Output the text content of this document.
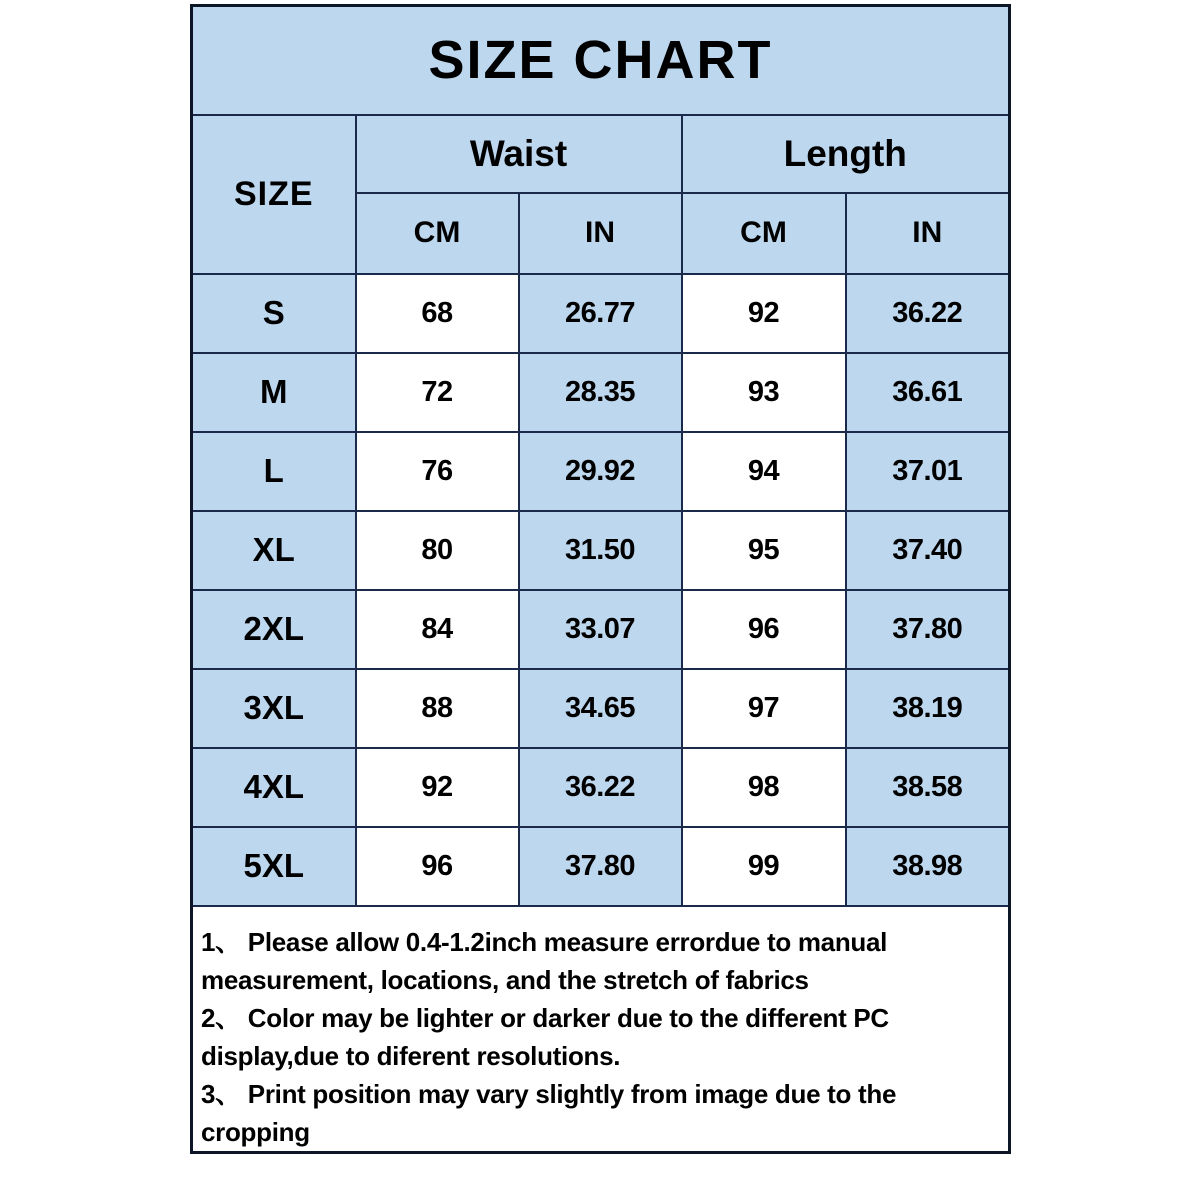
SIZE CHART				
SIZE	Waist		Length	
	CM	IN	CM	IN
S	68	26.77	92	36.22
M	72	28.35	93	36.61
L	76	29.92	94	37.01
XL	80	31.50	95	37.40
2XL	84	33.07	96	37.80
3XL	88	34.65	97	38.19
4XL	92	36.22	98	38.58
5XL	96	37.80	99	38.98

1、 Please allow 0.4-1.2inch measure errordue to manual measurement, locations, and the stretch of fabrics

2、 Color may be lighter or darker due to the different PC display,due to diferent resolutions.

3、 Print position may vary slightly from image due to the cropping				
